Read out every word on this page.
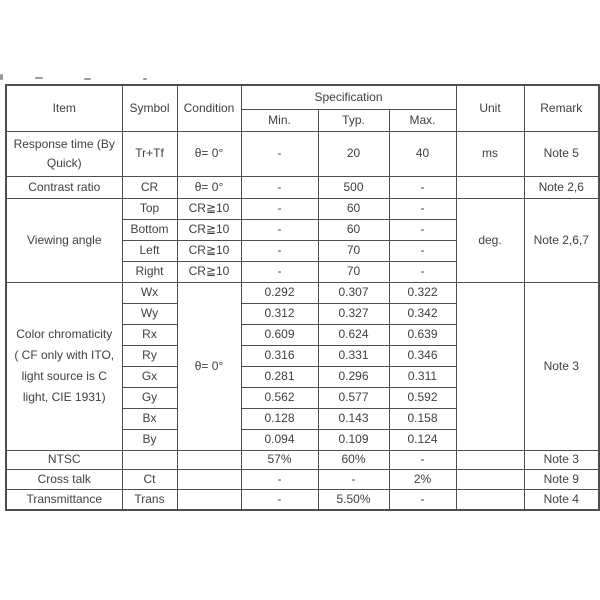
Item	Symbol	Condition	Specification			Unit	Remark
			Min.	Typ.	Max.		

Response time (By
Quick)	Tr+Tf	θ= 0°	-	20	40	ms	Note 5
Contrast ratio	CR	θ= 0°	-	500	-		Note 2,6
Viewing angle	Top	CR≧10	-	60	-	deg.	Note 2,6,7
	Bottom	CR≧10	-	60	-		
	Left	CR≧10	-	70	-		
	Right	CR≧10	-	70	-		

Color chromaticity
( CF only with ITO,
light source is C
light, CIE 1931)	Wx	θ= 0°	0.292	0.307	0.322		Note 3
	Wy		0.312	0.327	0.342		
	Rx		0.609	0.624	0.639		
	Ry		0.316	0.331	0.346		
	Gx		0.281	0.296	0.311		
	Gy		0.562	0.577	0.592		
	Bx		0.128	0.143	0.158		
	By		0.094	0.109	0.124		
NTSC			57%	60%	-		Note 3
Cross talk	Ct		-	-	2%		Note 9
Transmittance	Trans		-	5.50%	-		Note 4
